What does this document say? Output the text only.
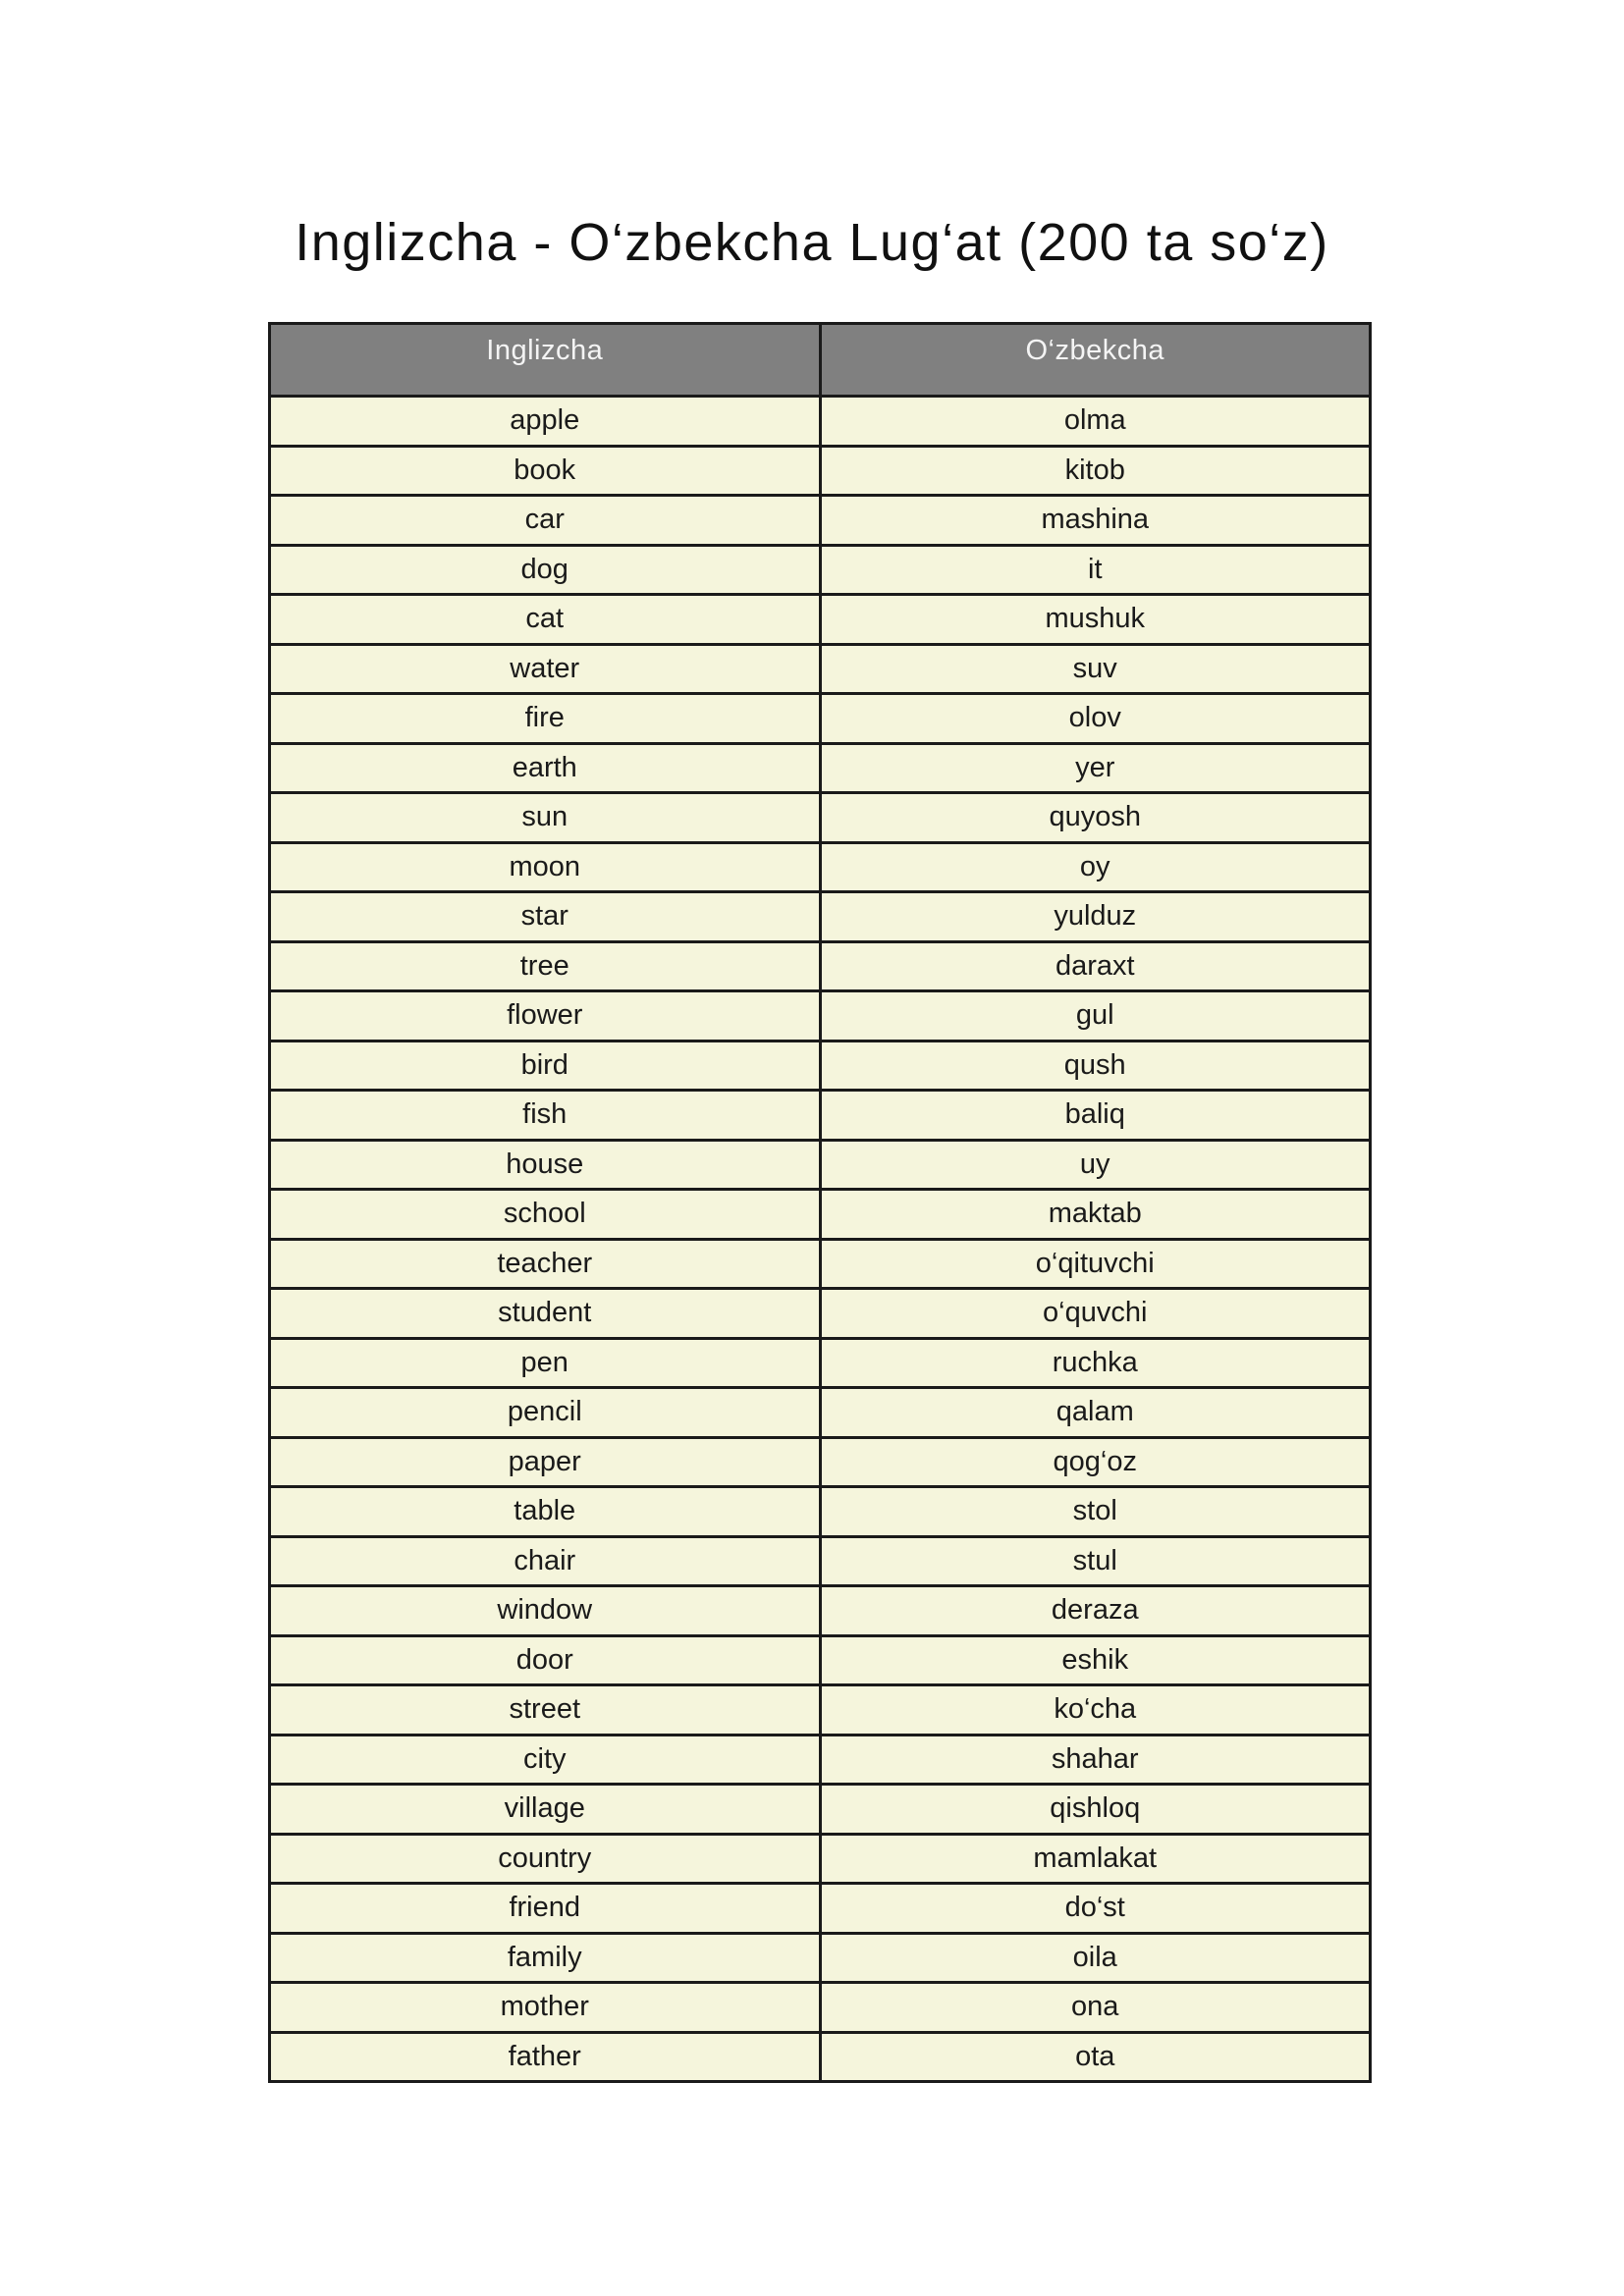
Inglizcha - O‘zbekcha Lug‘at (200 ta so‘z)
Inglizcha	O‘zbekcha
apple	olma
book	kitob
car	mashina
dog	it
cat	mushuk
water	suv
fire	olov
earth	yer
sun	quyosh
moon	oy
star	yulduz
tree	daraxt
flower	gul
bird	qush
fish	baliq
house	uy
school	maktab
teacher	o‘qituvchi
student	o‘quvchi
pen	ruchka
pencil	qalam
paper	qog‘oz
table	stol
chair	stul
window	deraza
door	eshik
street	ko‘cha
city	shahar
village	qishloq
country	mamlakat
friend	do‘st
family	oila
mother	ona
father	ota
